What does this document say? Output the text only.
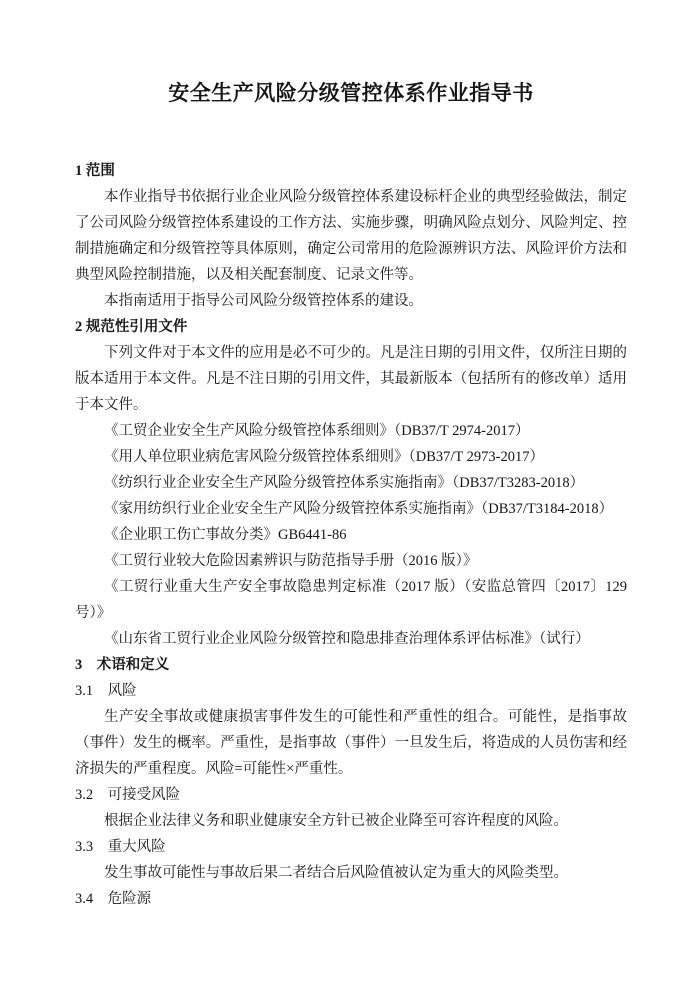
安全生产风险分级管控体系作业指导书
1 范围
本作业指导书依据行业企业风险分级管控体系建设标杆企业的典型经验做法，制定了公司风险分级管控体系建设的工作方法、实施步骤，明确风险点划分、风险判定、控制措施确定和分级管控等具体原则，确定公司常用的危险源辨识方法、风险评价方法和典型风险控制措施，以及相关配套制度、记录文件等。
本指南适用于指导公司风险分级管控体系的建设。
2 规范性引用文件
下列文件对于本文件的应用是必不可少的。凡是注日期的引用文件，仅所注日期的版本适用于本文件。凡是不注日期的引用文件，其最新版本（包括所有的修改单）适用于本文件。
《工贸企业安全生产风险分级管控体系细则》（DB37/T 2974-2017）
《用人单位职业病危害风险分级管控体系细则》（DB37/T 2973-2017）
《纺织行业企业安全生产风险分级管控体系实施指南》（DB37/T3283-2018）
《家用纺织行业企业安全生产风险分级管控体系实施指南》（DB37/T3184-2018）
《企业职工伤亡事故分类》GB6441-86
《工贸行业较大危险因素辨识与防范指导手册（2016 版）》
《工贸行业重大生产安全事故隐患判定标准（2017 版）（安监总管四〔2017〕129 号）》
《山东省工贸行业企业风险分级管控和隐患排查治理体系评估标准》（试行）
3　术语和定义
3.1　风险
生产安全事故或健康损害事件发生的可能性和严重性的组合。可能性，是指事故（事件）发生的概率。严重性，是指事故（事件）一旦发生后，将造成的人员伤害和经济损失的严重程度。风险=可能性×严重性。
3.2　可接受风险
根据企业法律义务和职业健康安全方针已被企业降至可容许程度的风险。
3.3　重大风险
发生事故可能性与事故后果二者结合后风险值被认定为重大的风险类型。
3.4　危险源
